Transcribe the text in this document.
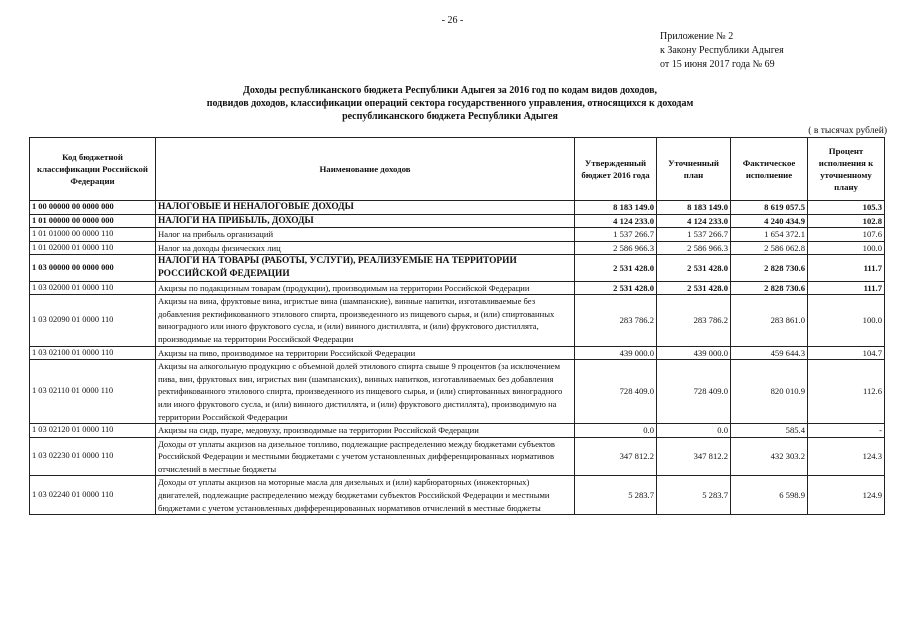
- 26 -
Приложение № 2
к Закону Республики Адыгея
от 15 июня 2017 года № 69
Доходы республиканского бюджета Республики Адыгея за 2016 год по кодам видов доходов,
подвидов доходов, классификации операций сектора государственного управления, относящихся к доходам
республиканского бюджета Республики Адыгея
( в тысячах рублей)
Код бюджетной классификации Российской Федерации	Наименование доходов	Утвержденный бюджет 2016 года	Уточненный план	Фактическое исполнение	Процент исполнения к уточненному плану
1 00 00000 00 0000 000	НАЛОГОВЫЕ И НЕНАЛОГОВЫЕ ДОХОДЫ	8 183 149.0	8 183 149.0	8 619 057.5	105.3
1 01 00000 00 0000 000	НАЛОГИ НА ПРИБЫЛЬ, ДОХОДЫ	4 124 233.0	4 124 233.0	4 240 434.9	102.8
1 01 01000 00 0000 110	Налог на прибыль организаций	1 537 266.7	1 537 266.7	1 654 372.1	107.6
1 01 02000 01 0000 110	Налог на доходы физических лиц	2 586 966.3	2 586 966.3	2 586 062.8	100.0
1 03 00000 00 0000 000	НАЛОГИ НА ТОВАРЫ (РАБОТЫ, УСЛУГИ), РЕАЛИЗУЕМЫЕ НА ТЕРРИТОРИИ РОССИЙСКОЙ ФЕДЕРАЦИИ	2 531 428.0	2 531 428.0	2 828 730.6	111.7
1 03 02000 01 0000 110	Акцизы по подакцизным товарам (продукции), производимым на территории Российской Федерации	2 531 428.0	2 531 428.0	2 828 730.6	111.7
1 03 02090 01 0000 110	Акцизы на вина, фруктовые вина, игристые вина (шампанские), винные напитки, изготавливаемые без добавления ректификованного этилового спирта, произведенного из пищевого сырья, и (или) спиртованных виноградного или иного фруктового сусла, и (или) винного дистиллята, и (или) фруктового дистиллята, производимые на территории Российской Федерации	283 786.2	283 786.2	283 861.0	100.0
1 03 02100 01 0000 110	Акцизы на пиво, производимое на территории Российской Федерации	439 000.0	439 000.0	459 644.3	104.7
1 03 02110 01 0000 110	Акцизы на алкогольную продукцию с объемной долей этилового спирта свыше 9 процентов (за исключением пива, вин, фруктовых вин, игристых вин (шампанских), винных напитков, изготавливаемых без добавления ректификованного этилового спирта, произведенного из пищевого сырья, и (или) спиртованных виноградного или иного фруктового сусла, и (или) винного дистиллята, и (или) фруктового дистиллята), производимую на территории Российской Федерации	728 409.0	728 409.0	820 010.9	112.6
1 03 02120 01 0000 110	Акцизы на сидр, пуаре, медовуху, производимые на территории Российской Федерации	0.0	0.0	585.4	-
1 03 02230 01 0000 110	Доходы от уплаты акцизов на дизельное топливо, подлежащие распределению между бюджетами субъектов Российской Федерации и местными бюджетами с учетом установленных дифференцированных нормативов отчислений в местные бюджеты	347 812.2	347 812.2	432 303.2	124.3
1 03 02240 01 0000 110	Доходы от уплаты акцизов на моторные масла для дизельных и (или) карбюраторных (инжекторных) двигателей, подлежащие распределению между бюджетами субъектов Российской Федерации и местными бюджетами с учетом установленных дифференцированных нормативов отчислений в местные бюджеты	5 283.7	5 283.7	6 598.9	124.9
